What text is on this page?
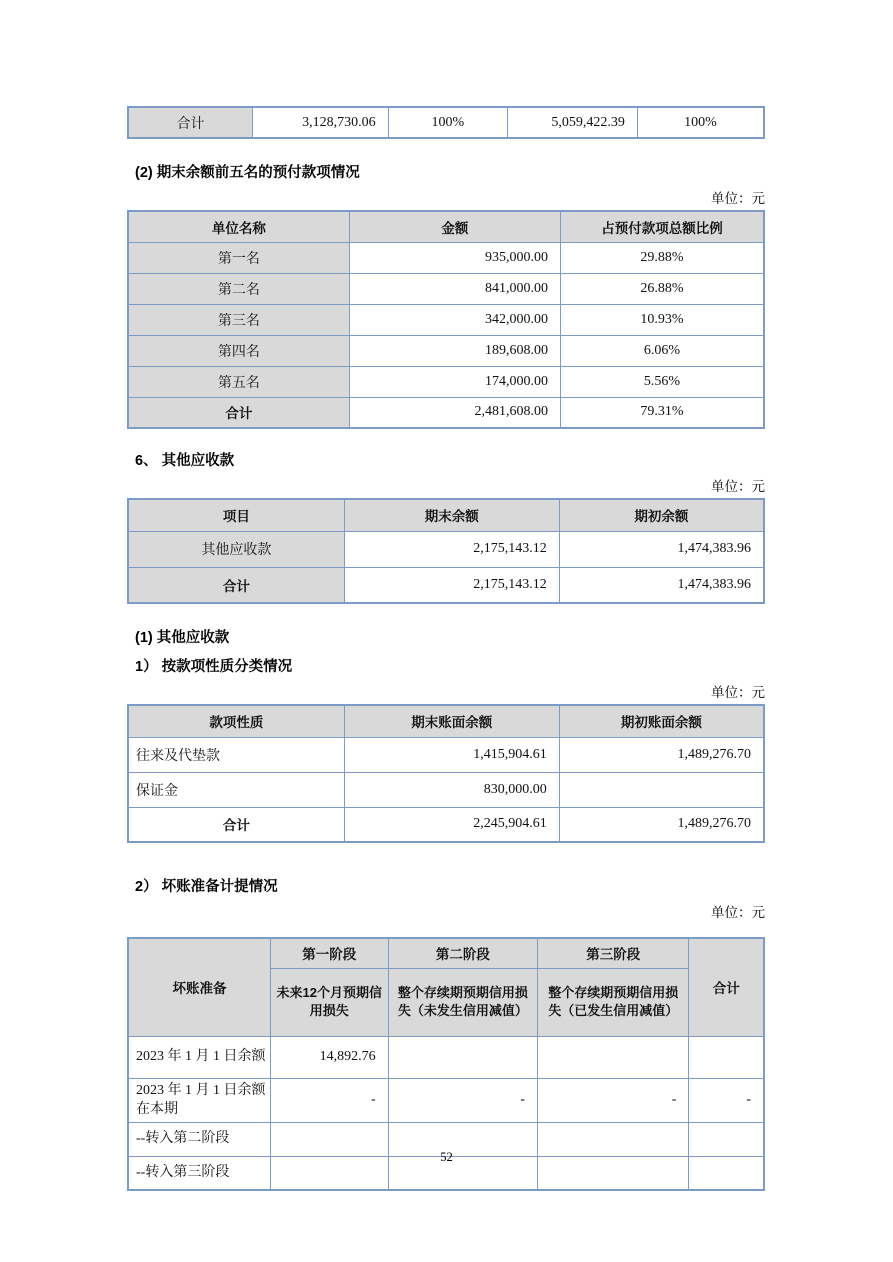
合计	3,128,730.06	100%	5,059,422.39	100%
(2) 期末余额前五名的预付款项情况
单位：元
单位名称	金额	占预付款项总额比例
第一名	935,000.00	29.88%
第二名	841,000.00	26.88%
第三名	342,000.00	10.93%
第四名	189,608.00	6.06%
第五名	174,000.00	5.56%
合计	2,481,608.00	79.31%
6、 其他应收款
单位：元
项目	期末余额	期初余额
其他应收款	2,175,143.12	1,474,383.96
合计	2,175,143.12	1,474,383.96
(1) 其他应收款
1） 按款项性质分类情况
单位：元
款项性质	期末账面余额	期初账面余额
往来及代垫款	1,415,904.61	1,489,276.70
保证金	830,000.00	
合计	2,245,904.61	1,489,276.70
2） 坏账准备计提情况
单位：元
坏账准备	第一阶段	第二阶段	第三阶段	合计
	未来12个月预期信用损失	整个存续期预期信用损失（未发生信用减值）	整个存续期预期信用损失（已发生信用减值）	
2023 年 1 月 1 日余额	14,892.76			
2023 年 1 月 1 日余额在本期	-	-	-	-
--转入第二阶段				
--转入第三阶段				
52
